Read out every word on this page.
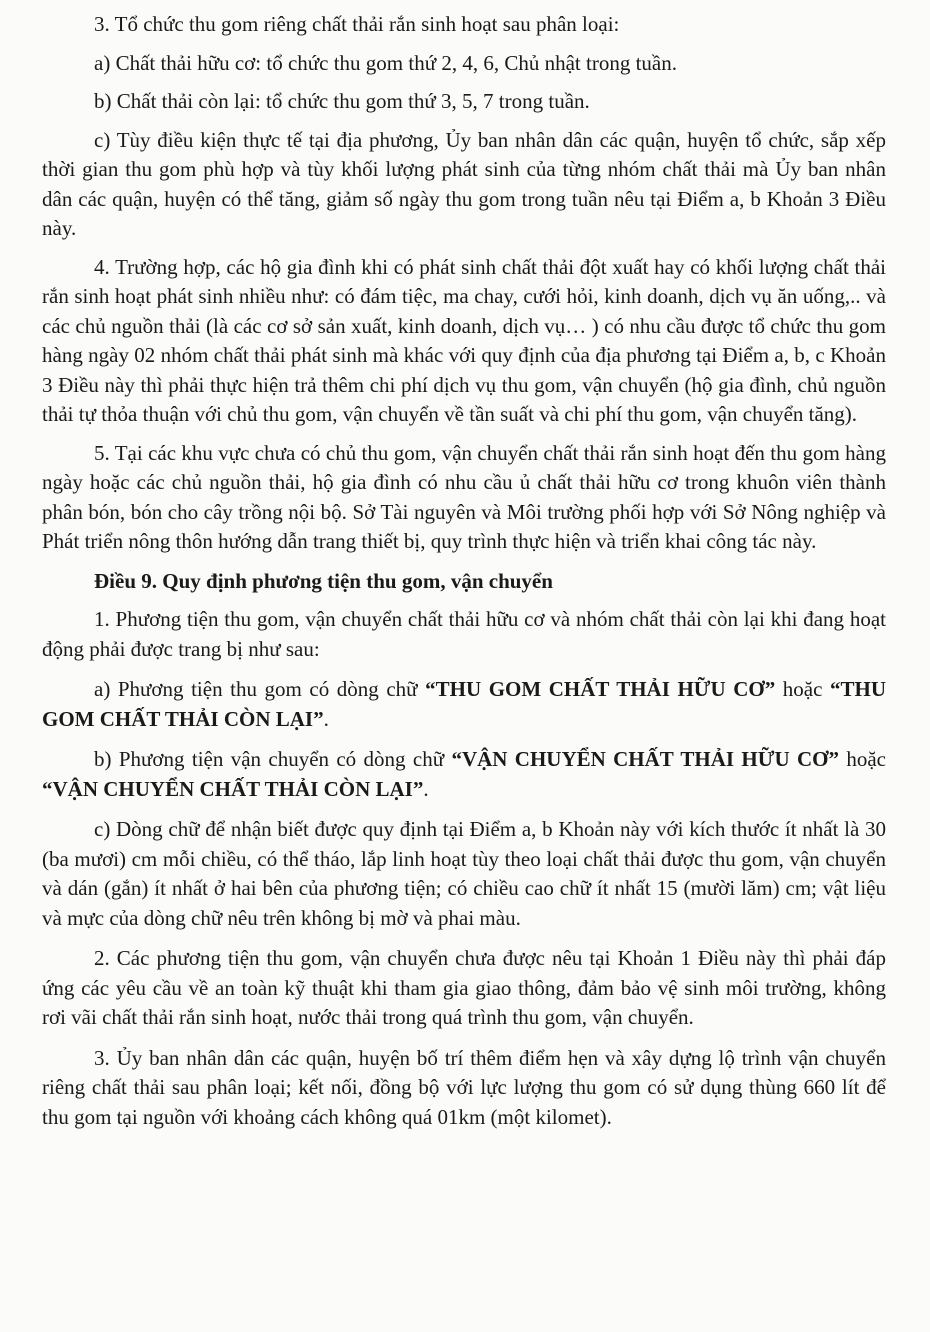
3. Tổ chức thu gom riêng chất thải rắn sinh hoạt sau phân loại:

a) Chất thải hữu cơ: tổ chức thu gom thứ 2, 4, 6, Chủ nhật trong tuần.

b) Chất thải còn lại: tổ chức thu gom thứ 3, 5, 7 trong tuần.

c) Tùy điều kiện thực tế tại địa phương, Ủy ban nhân dân các quận, huyện tổ chức, sắp xếp thời gian thu gom phù hợp và tùy khối lượng phát sinh của từng nhóm chất thải mà Ủy ban nhân dân các quận, huyện có thể tăng, giảm số ngày thu gom trong tuần nêu tại Điểm a, b Khoản 3 Điều này.

4. Trường hợp, các hộ gia đình khi có phát sinh chất thải đột xuất hay có khối lượng chất thải rắn sinh hoạt phát sinh nhiều như: có đám tiệc, ma chay, cưới hỏi, kinh doanh, dịch vụ ăn uống,.. và các chủ nguồn thải (là các cơ sở sản xuất, kinh doanh, dịch vụ… ) có nhu cầu được tổ chức thu gom hàng ngày 02 nhóm chất thải phát sinh mà khác với quy định của địa phương tại Điểm a, b, c Khoản 3 Điều này thì phải thực hiện trả thêm chi phí dịch vụ thu gom, vận chuyển (hộ gia đình, chủ nguồn thải tự thỏa thuận với chủ thu gom, vận chuyển về tần suất và chi phí thu gom, vận chuyển tăng).

5. Tại các khu vực chưa có chủ thu gom, vận chuyển chất thải rắn sinh hoạt đến thu gom hàng ngày hoặc các chủ nguồn thải, hộ gia đình có nhu cầu ủ chất thải hữu cơ trong khuôn viên thành phân bón, bón cho cây trồng nội bộ. Sở Tài nguyên và Môi trường phối hợp với Sở Nông nghiệp và Phát triển nông thôn hướng dẫn trang thiết bị, quy trình thực hiện và triển khai công tác này.

Điều 9. Quy định phương tiện thu gom, vận chuyển

1. Phương tiện thu gom, vận chuyển chất thải hữu cơ và nhóm chất thải còn lại khi đang hoạt động phải được trang bị như sau:

a) Phương tiện thu gom có dòng chữ “THU GOM CHẤT THẢI HỮU CƠ” hoặc “THU GOM CHẤT THẢI CÒN LẠI”.

b) Phương tiện vận chuyển có dòng chữ “VẬN CHUYỂN CHẤT THẢI HỮU CƠ” hoặc “VẬN CHUYỂN CHẤT THẢI CÒN LẠI”.

c) Dòng chữ để nhận biết được quy định tại Điểm a, b Khoản này với kích thước ít nhất là 30 (ba mươi) cm mỗi chiều, có thể tháo, lắp linh hoạt tùy theo loại chất thải được thu gom, vận chuyển và dán (gắn) ít nhất ở hai bên của phương tiện; có chiều cao chữ ít nhất 15 (mười lăm) cm; vật liệu và mực của dòng chữ nêu trên không bị mờ và phai màu.

2. Các phương tiện thu gom, vận chuyển chưa được nêu tại Khoản 1 Điều này thì phải đáp ứng các yêu cầu về an toàn kỹ thuật khi tham gia giao thông, đảm bảo vệ sinh môi trường, không rơi vãi chất thải rắn sinh hoạt, nước thải trong quá trình thu gom, vận chuyển.

3. Ủy ban nhân dân các quận, huyện bố trí thêm điểm hẹn và xây dựng lộ trình vận chuyển riêng chất thải sau phân loại; kết nối, đồng bộ với lực lượng thu gom có sử dụng thùng 660 lít để thu gom tại nguồn với khoảng cách không quá 01km (một kilomet).
